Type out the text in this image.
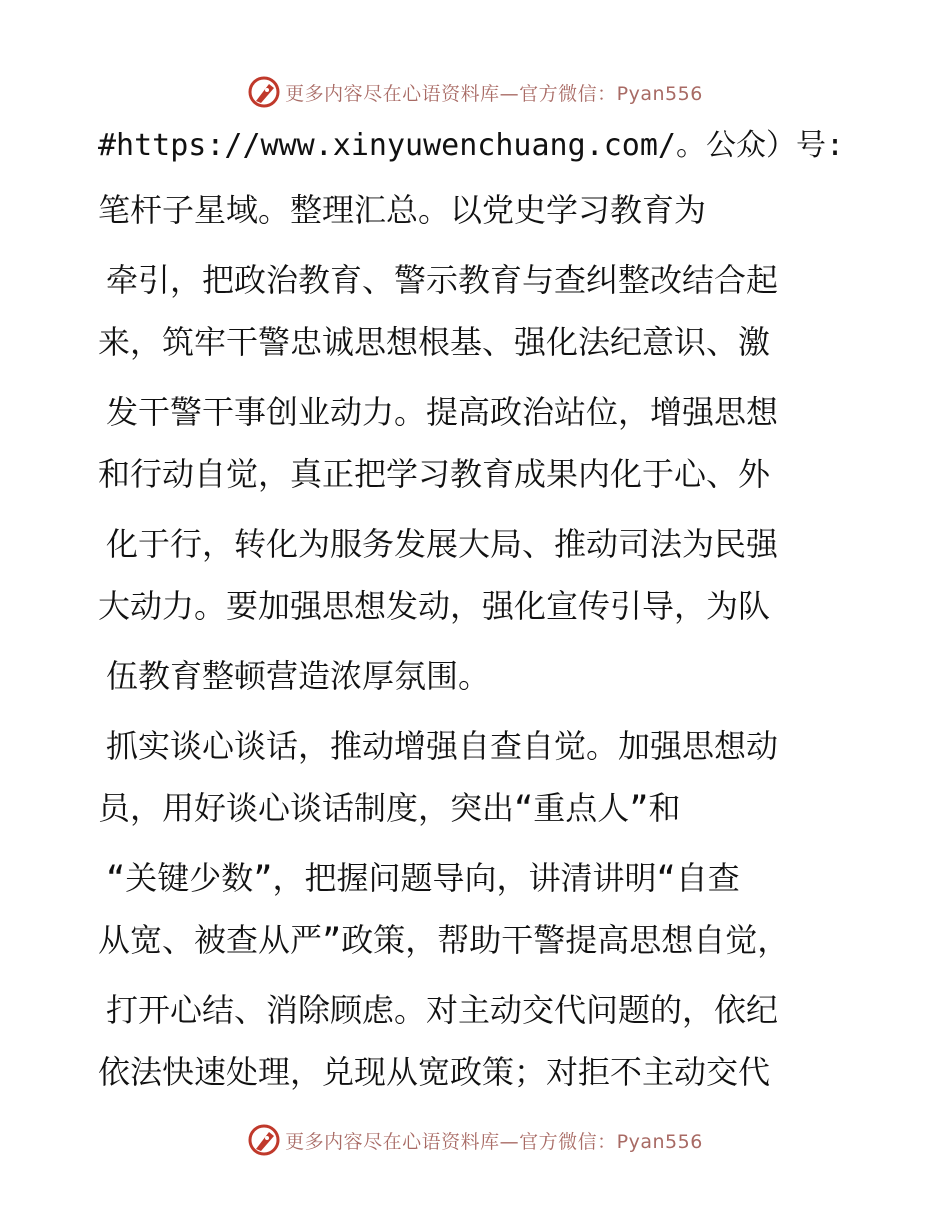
更多内容尽在心语资料库—官方微信：Pyan556
#https://www.xinyuwenchuang.com/。公众）号:
笔杆子星域。整理汇总。以党史学习教育为
牵引，把政治教育、警示教育与查纠整改结合起
来，筑牢干警忠诚思想根基、强化法纪意识、激
发干警干事创业动力。提高政治站位，增强思想
和行动自觉，真正把学习教育成果内化于心、外
化于行，转化为服务发展大局、推动司法为民强
大动力。要加强思想发动，强化宣传引导，为队
伍教育整顿营造浓厚氛围。
抓实谈心谈话，推动增强自查自觉。加强思想动
员，用好谈心谈话制度，突出“重点人”和
“关键少数”，把握问题导向，讲清讲明“自查
从宽、被查从严”政策，帮助干警提高思想自觉，
打开心结、消除顾虑。对主动交代问题的，依纪
依法快速处理，兑现从宽政策；对拒不主动交代
更多内容尽在心语资料库—官方微信：Pyan556
